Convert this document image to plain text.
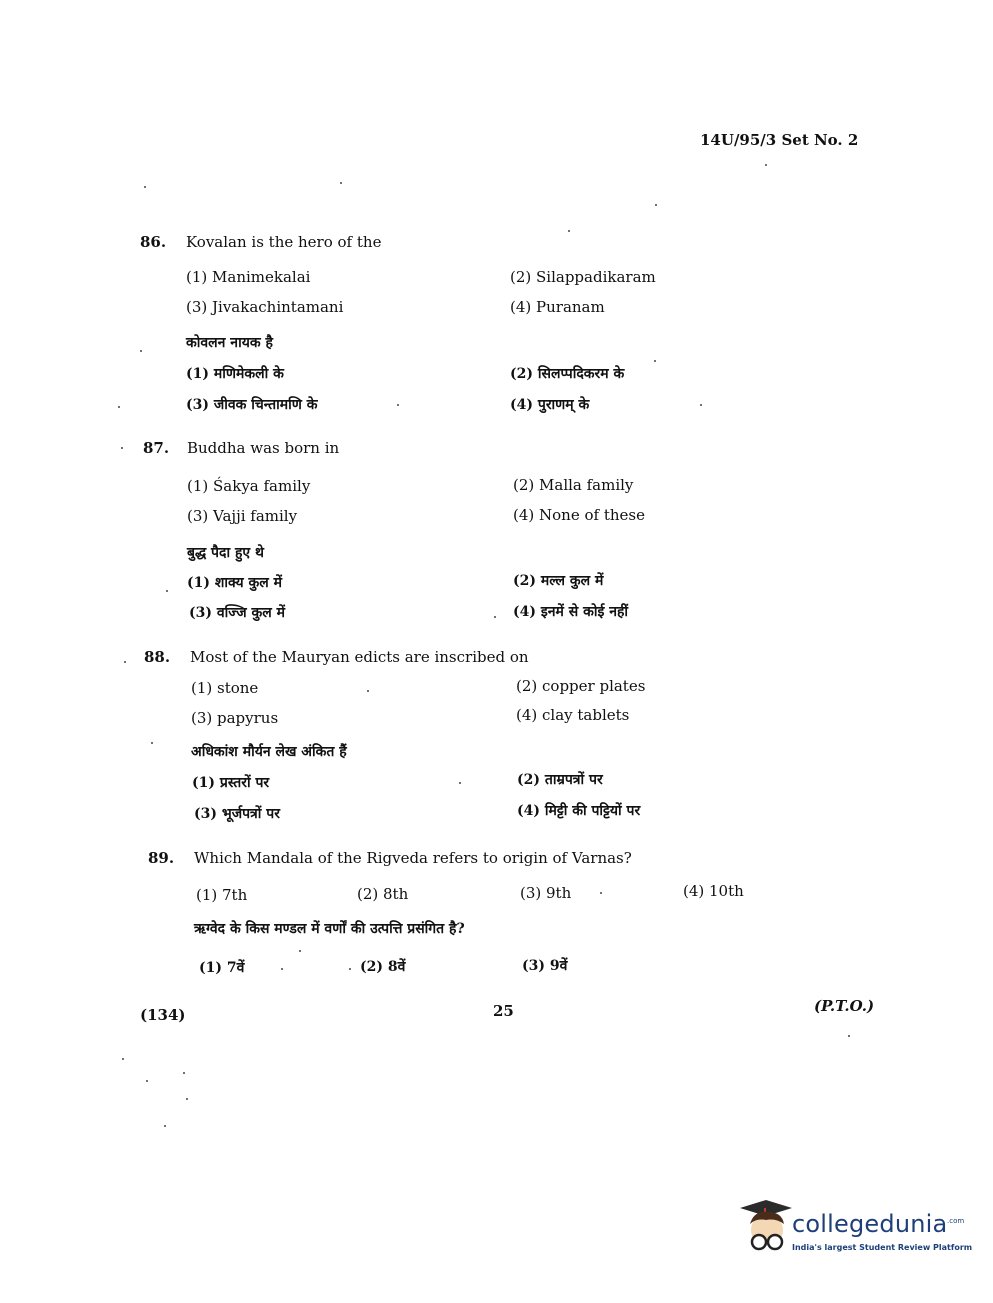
14U/95/3 Set No. 2
86. Kovalan is the hero of the
(1) Manimekalai	(2) Silappadikaram
(3) Jivakachintamani	(4) Puranam
कोवलन नायक है
(1) मणिमेकली के	(2) सिलप्पदिकरम के
(3) जीवक चिन्तामणि के	(4) पुराणम् के
87. Buddha was born in
(1) Śakya family	(2) Malla family
(3) Vajji family	(4) None of these
बुद्ध पैदा हुए थे
(1) शाक्य कुल में	(2) मल्ल कुल में
(3) वज्जि कुल में	(4) इनमें से कोई नहीं
88. Most of the Mauryan edicts are inscribed on
(1) stone	(2) copper plates
(3) papyrus	(4) clay tablets
अधिकांश मौर्यन लेख अंकित हैं
(1) प्रस्तरों पर	(2) ताम्रपत्रों पर
(3) भूर्जपत्रों पर	(4) मिट्टी की पट्टियों पर
89. Which Mandala of the Rigveda refers to origin of Varnas?
(1) 7th	(2) 8th	(3) 9th	(4) 10th
ऋग्वेद के किस मण्डल में वर्णों की उत्पत्ति प्रसंगित है?
(1) 7वें	(2) 8वें	(3) 9वें
(134)	25	(P.T.O.)
collegedunia .com
India's largest Student Review Platform
